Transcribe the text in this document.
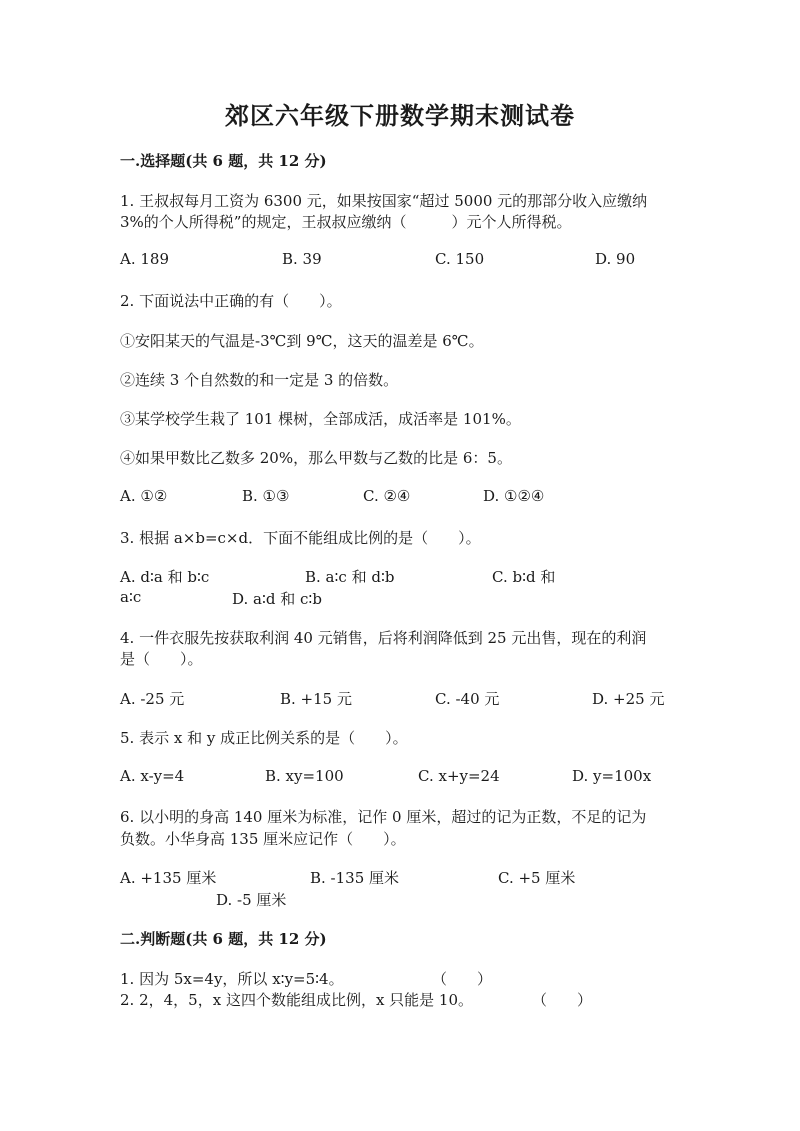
郊区六年级下册数学期末测试卷
一.选择题(共 6 题，共 12 分)
1. 王叔叔每月工资为 6300 元，如果按国家“超过 5000 元的那部分收入应缴纳
3%的个人所得税”的规定，王叔叔应缴纳（　　　）元个人所得税。
A. 189	B. 39	C. 150	D. 90
2. 下面说法中正确的有（　　）。
①安阳某天的气温是-3℃到 9℃，这天的温差是 6℃。
②连续 3 个自然数的和一定是 3 的倍数。
③某学校学生栽了 101 棵树，全部成活，成活率是 101%。
④如果甲数比乙数多 20%，那么甲数与乙数的比是 6：5。
A. ①②	B. ①③	C. ②④	D. ①②④
3. 根据 a×b=c×d．下面不能组成比例的是（　　）。
A. d∶a 和 b∶c	B. a∶c 和 d∶b	C. b∶d 和
a∶c	D. a∶d 和 c∶b
4. 一件衣服先按获取利润 40 元销售，后将利润降低到 25 元出售，现在的利润
是（　　）。
A. -25 元	B. +15 元	C. -40 元	D. +25 元
5. 表示 x 和 y 成正比例关系的是（　　）。
A. x-y=4	B. xy=100	C. x+y=24	D. y=100x
6. 以小明的身高 140 厘米为标准，记作 0 厘米，超过的记为正数，不足的记为
负数。小华身高 135 厘米应记作（　　）。
A. +135 厘米	B. -135 厘米	C. +5 厘米
D. -5 厘米
二.判断题(共 6 题，共 12 分)
1. 因为 5x=4y，所以 x∶y=5∶4。	（　　）
2. 2，4，5，x 这四个数能组成比例，x 只能是 10。	（　　）
